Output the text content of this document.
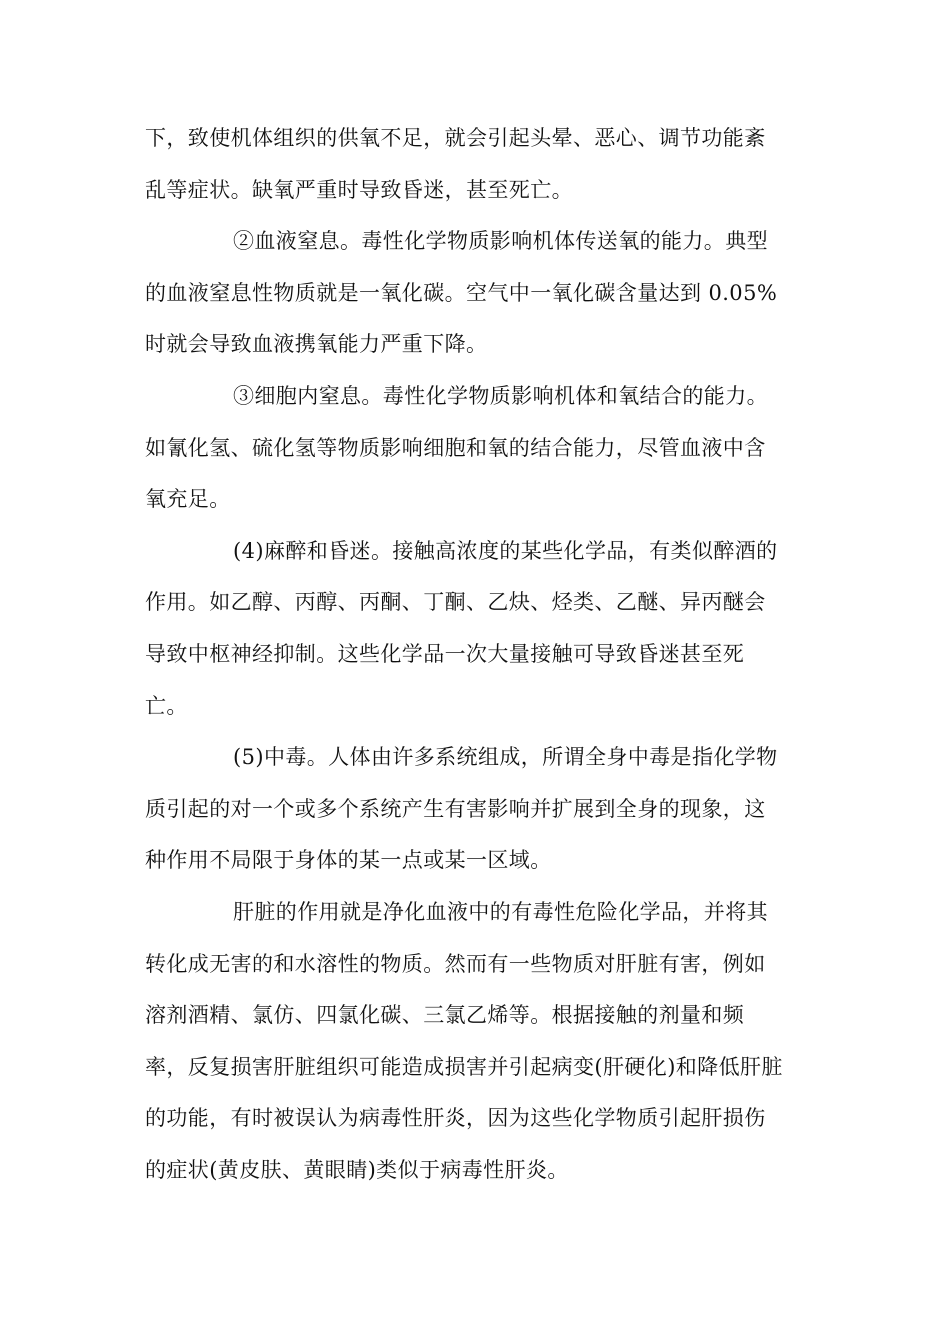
下，致使机体组织的供氧不足，就会引起头晕、恶心、调节功能紊
乱等症状。缺氧严重时导致昏迷，甚至死亡。
②血液窒息。毒性化学物质影响机体传送氧的能力。典型
的血液窒息性物质就是一氧化碳。空气中一氧化碳含量达到 0.05%
时就会导致血液携氧能力严重下降。
③细胞内窒息。毒性化学物质影响机体和氧结合的能力。
如氰化氢、硫化氢等物质影响细胞和氧的结合能力，尽管血液中含
氧充足。
(4)麻醉和昏迷。接触高浓度的某些化学品，有类似醉酒的
作用。如乙醇、丙醇、丙酮、丁酮、乙炔、烃类、乙醚、异丙醚会
导致中枢神经抑制。这些化学品一次大量接触可导致昏迷甚至死
亡。
(5)中毒。人体由许多系统组成，所谓全身中毒是指化学物
质引起的对一个或多个系统产生有害影响并扩展到全身的现象，这
种作用不局限于身体的某一点或某一区域。
肝脏的作用就是净化血液中的有毒性危险化学品，并将其
转化成无害的和水溶性的物质。然而有一些物质对肝脏有害，例如
溶剂酒精、氯仿、四氯化碳、三氯乙烯等。根据接触的剂量和频
率，反复损害肝脏组织可能造成损害并引起病变(肝硬化)和降低肝脏
的功能，有时被误认为病毒性肝炎，因为这些化学物质引起肝损伤
的症状(黄皮肤、黄眼睛)类似于病毒性肝炎。
